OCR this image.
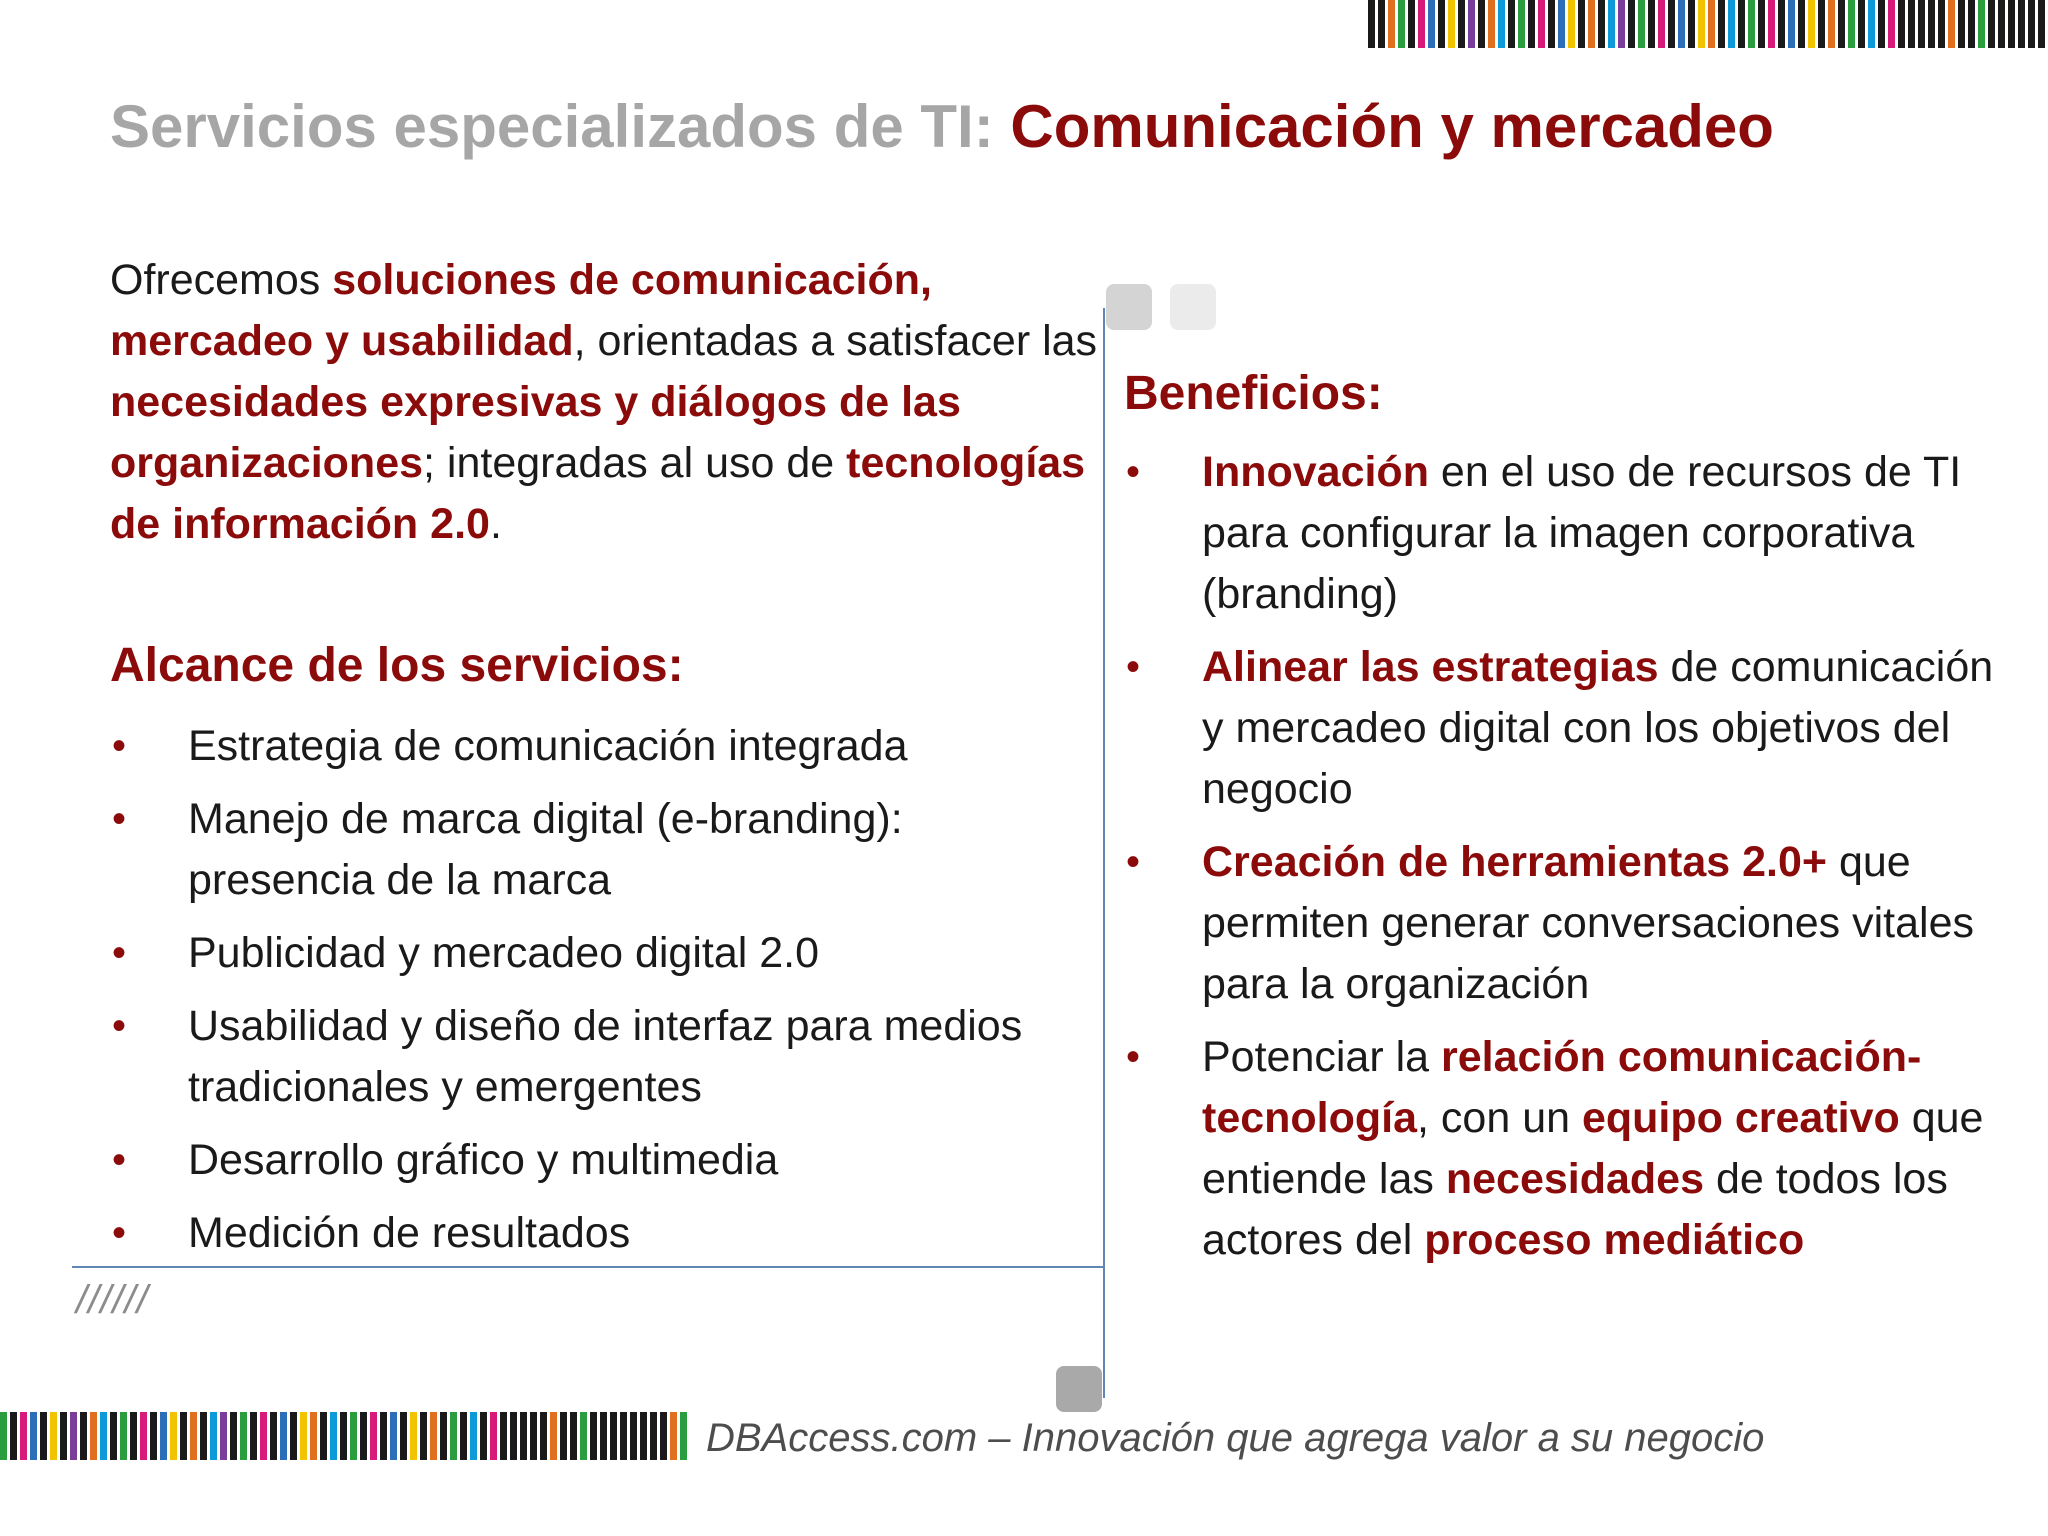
Servicios especializados de TI: Comunicación y mercadeo
Ofrecemos soluciones de comunicación, mercadeo y usabilidad, orientadas a satisfacer las necesidades expresivas y diálogos de las organizaciones; integradas al uso de tecnologías de información 2.0.
Alcance de los servicios:
• Estrategia de comunicación integrada
• Manejo de marca digital (e-branding): presencia de la marca
• Publicidad y mercadeo digital 2.0
• Usabilidad y diseño de interfaz para medios tradicionales y emergentes
• Desarrollo gráfico y multimedia
• Medición de resultados
Beneficios:
• Innovación en el uso de recursos de TI para configurar la imagen corporativa (branding)
• Alinear las estrategias de comunicación y mercadeo digital con los objetivos del negocio
• Creación de herramientas 2.0+ que permiten generar conversaciones vitales para la organización
• Potenciar la relación comunicación-tecnología, con un equipo creativo que entiende las necesidades de todos los actores del proceso mediático
//////
DBAccess.com – Innovación que agrega valor a su negocio
